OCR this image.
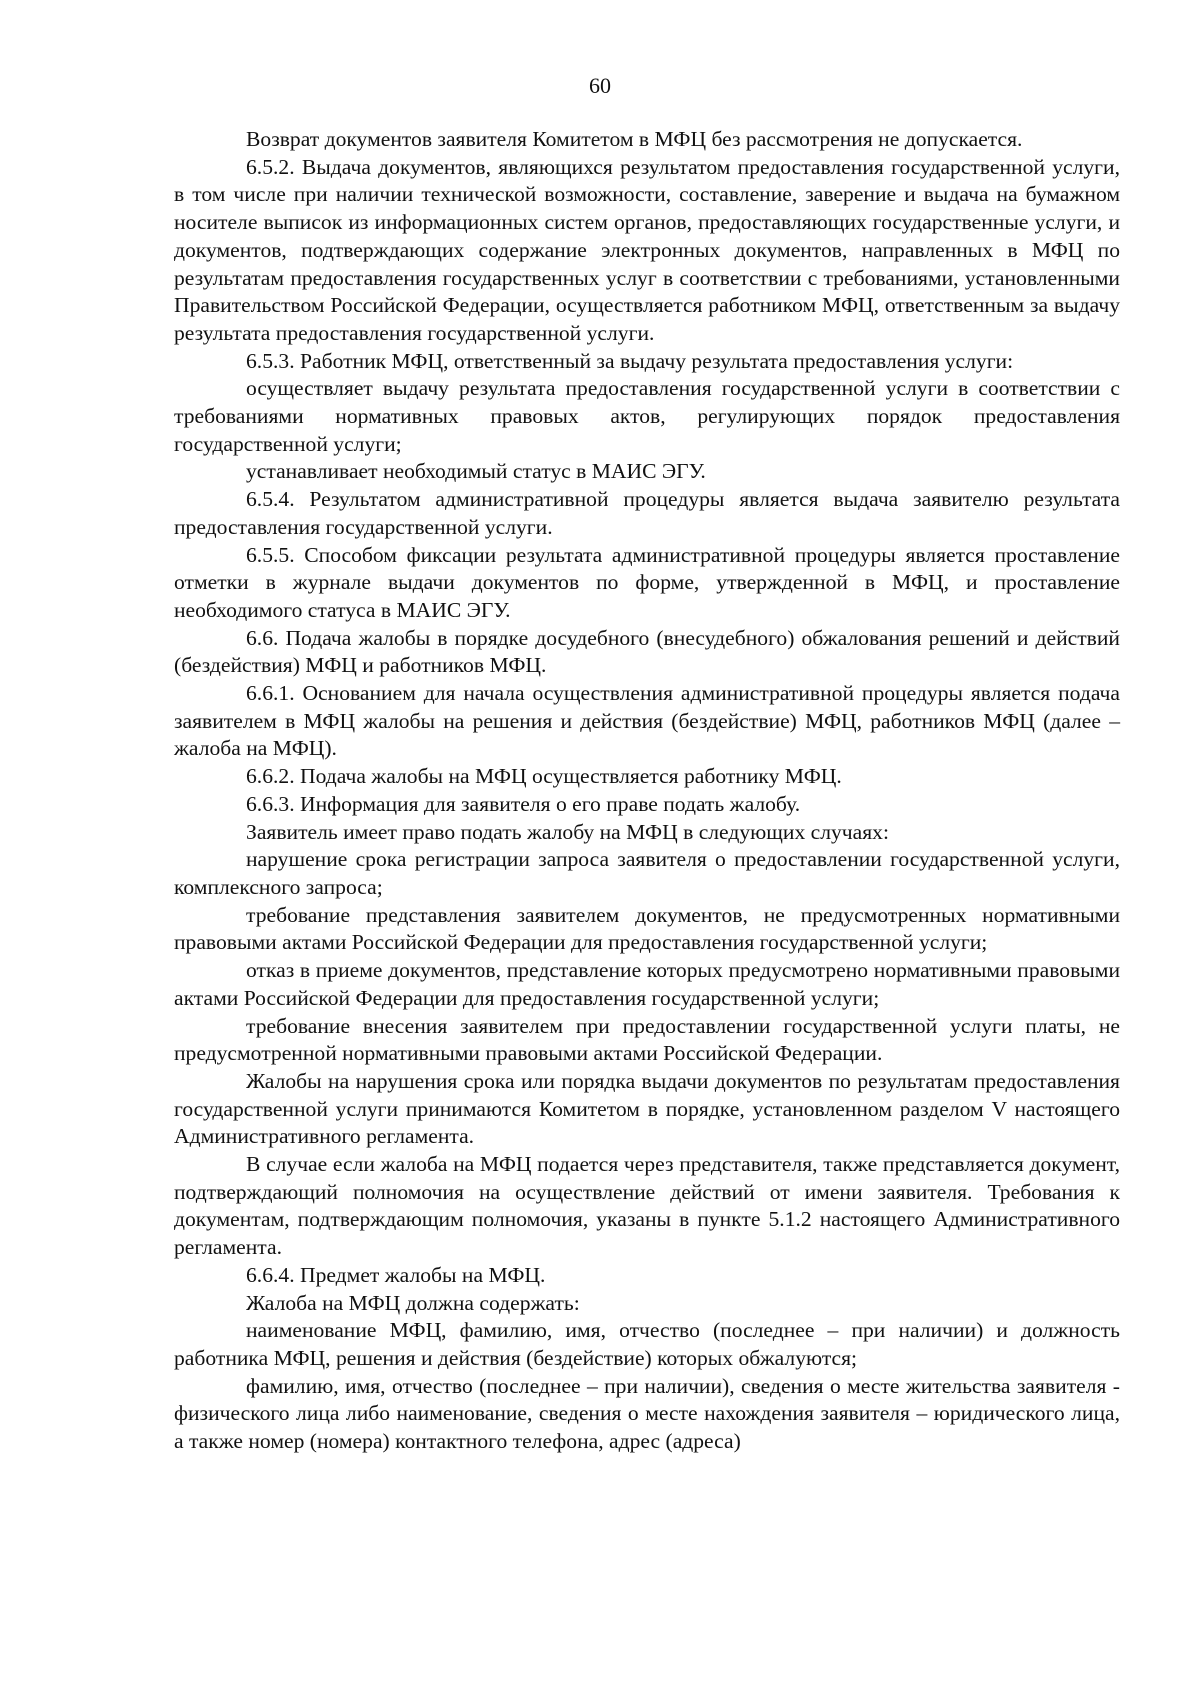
60

Возврат документов заявителя Комитетом в МФЦ без рассмотрения не допускается.

6.5.2. Выдача документов, являющихся результатом предоставления государственной услуги, в том числе при наличии технической возможности, составление, заверение и выдача на бумажном носителе выписок из информационных систем органов, предоставляющих государственные услуги, и документов, подтверждающих содержание электронных документов, направленных в МФЦ по результатам предоставления государственных услуг в соответствии с требованиями, установленными Правительством Российской Федерации, осуществляется работником МФЦ, ответственным за выдачу результата предоставления государственной услуги.

6.5.3. Работник МФЦ, ответственный за выдачу результата предоставления услуги:

осуществляет выдачу результата предоставления государственной услуги в соответствии с требованиями нормативных правовых актов, регулирующих порядок предоставления государственной услуги;

устанавливает необходимый статус в МАИС ЭГУ.

6.5.4. Результатом административной процедуры является выдача заявителю результата предоставления государственной услуги.

6.5.5. Способом фиксации результата административной процедуры является проставление отметки в журнале выдачи документов по форме, утвержденной в МФЦ, и проставление необходимого статуса в МАИС ЭГУ.

6.6. Подача жалобы в порядке досудебного (внесудебного) обжалования решений и действий (бездействия) МФЦ и работников МФЦ.

6.6.1. Основанием для начала осуществления административной процедуры является подача заявителем в МФЦ жалобы на решения и действия (бездействие) МФЦ, работников МФЦ (далее – жалоба на МФЦ).

6.6.2. Подача жалобы на МФЦ осуществляется работнику МФЦ.

6.6.3. Информация для заявителя о его праве подать жалобу.

Заявитель имеет право подать жалобу на МФЦ в следующих случаях:

нарушение срока регистрации запроса заявителя о предоставлении государственной услуги, комплексного запроса;

требование представления заявителем документов, не предусмотренных нормативными правовыми актами Российской Федерации для предоставления государственной услуги;

отказ в приеме документов, представление которых предусмотрено нормативными правовыми актами Российской Федерации для предоставления государственной услуги;

требование внесения заявителем при предоставлении государственной услуги платы, не предусмотренной нормативными правовыми актами Российской Федерации.

Жалобы на нарушения срока или порядка выдачи документов по результатам предоставления государственной услуги принимаются Комитетом в порядке, установленном разделом V настоящего Административного регламента.

В случае если жалоба на МФЦ подается через представителя, также представляется документ, подтверждающий полномочия на осуществление действий от имени заявителя. Требования к документам, подтверждающим полномочия, указаны в пункте 5.1.2 настоящего Административного регламента.

6.6.4. Предмет жалобы на МФЦ.

Жалоба на МФЦ должна содержать:

наименование МФЦ, фамилию, имя, отчество (последнее – при наличии) и должность работника МФЦ, решения и действия (бездействие) которых обжалуются;

фамилию, имя, отчество (последнее – при наличии), сведения о месте жительства заявителя - физического лица либо наименование, сведения о месте нахождения заявителя – юридического лица, а также номер (номера) контактного телефона, адрес (адреса)
